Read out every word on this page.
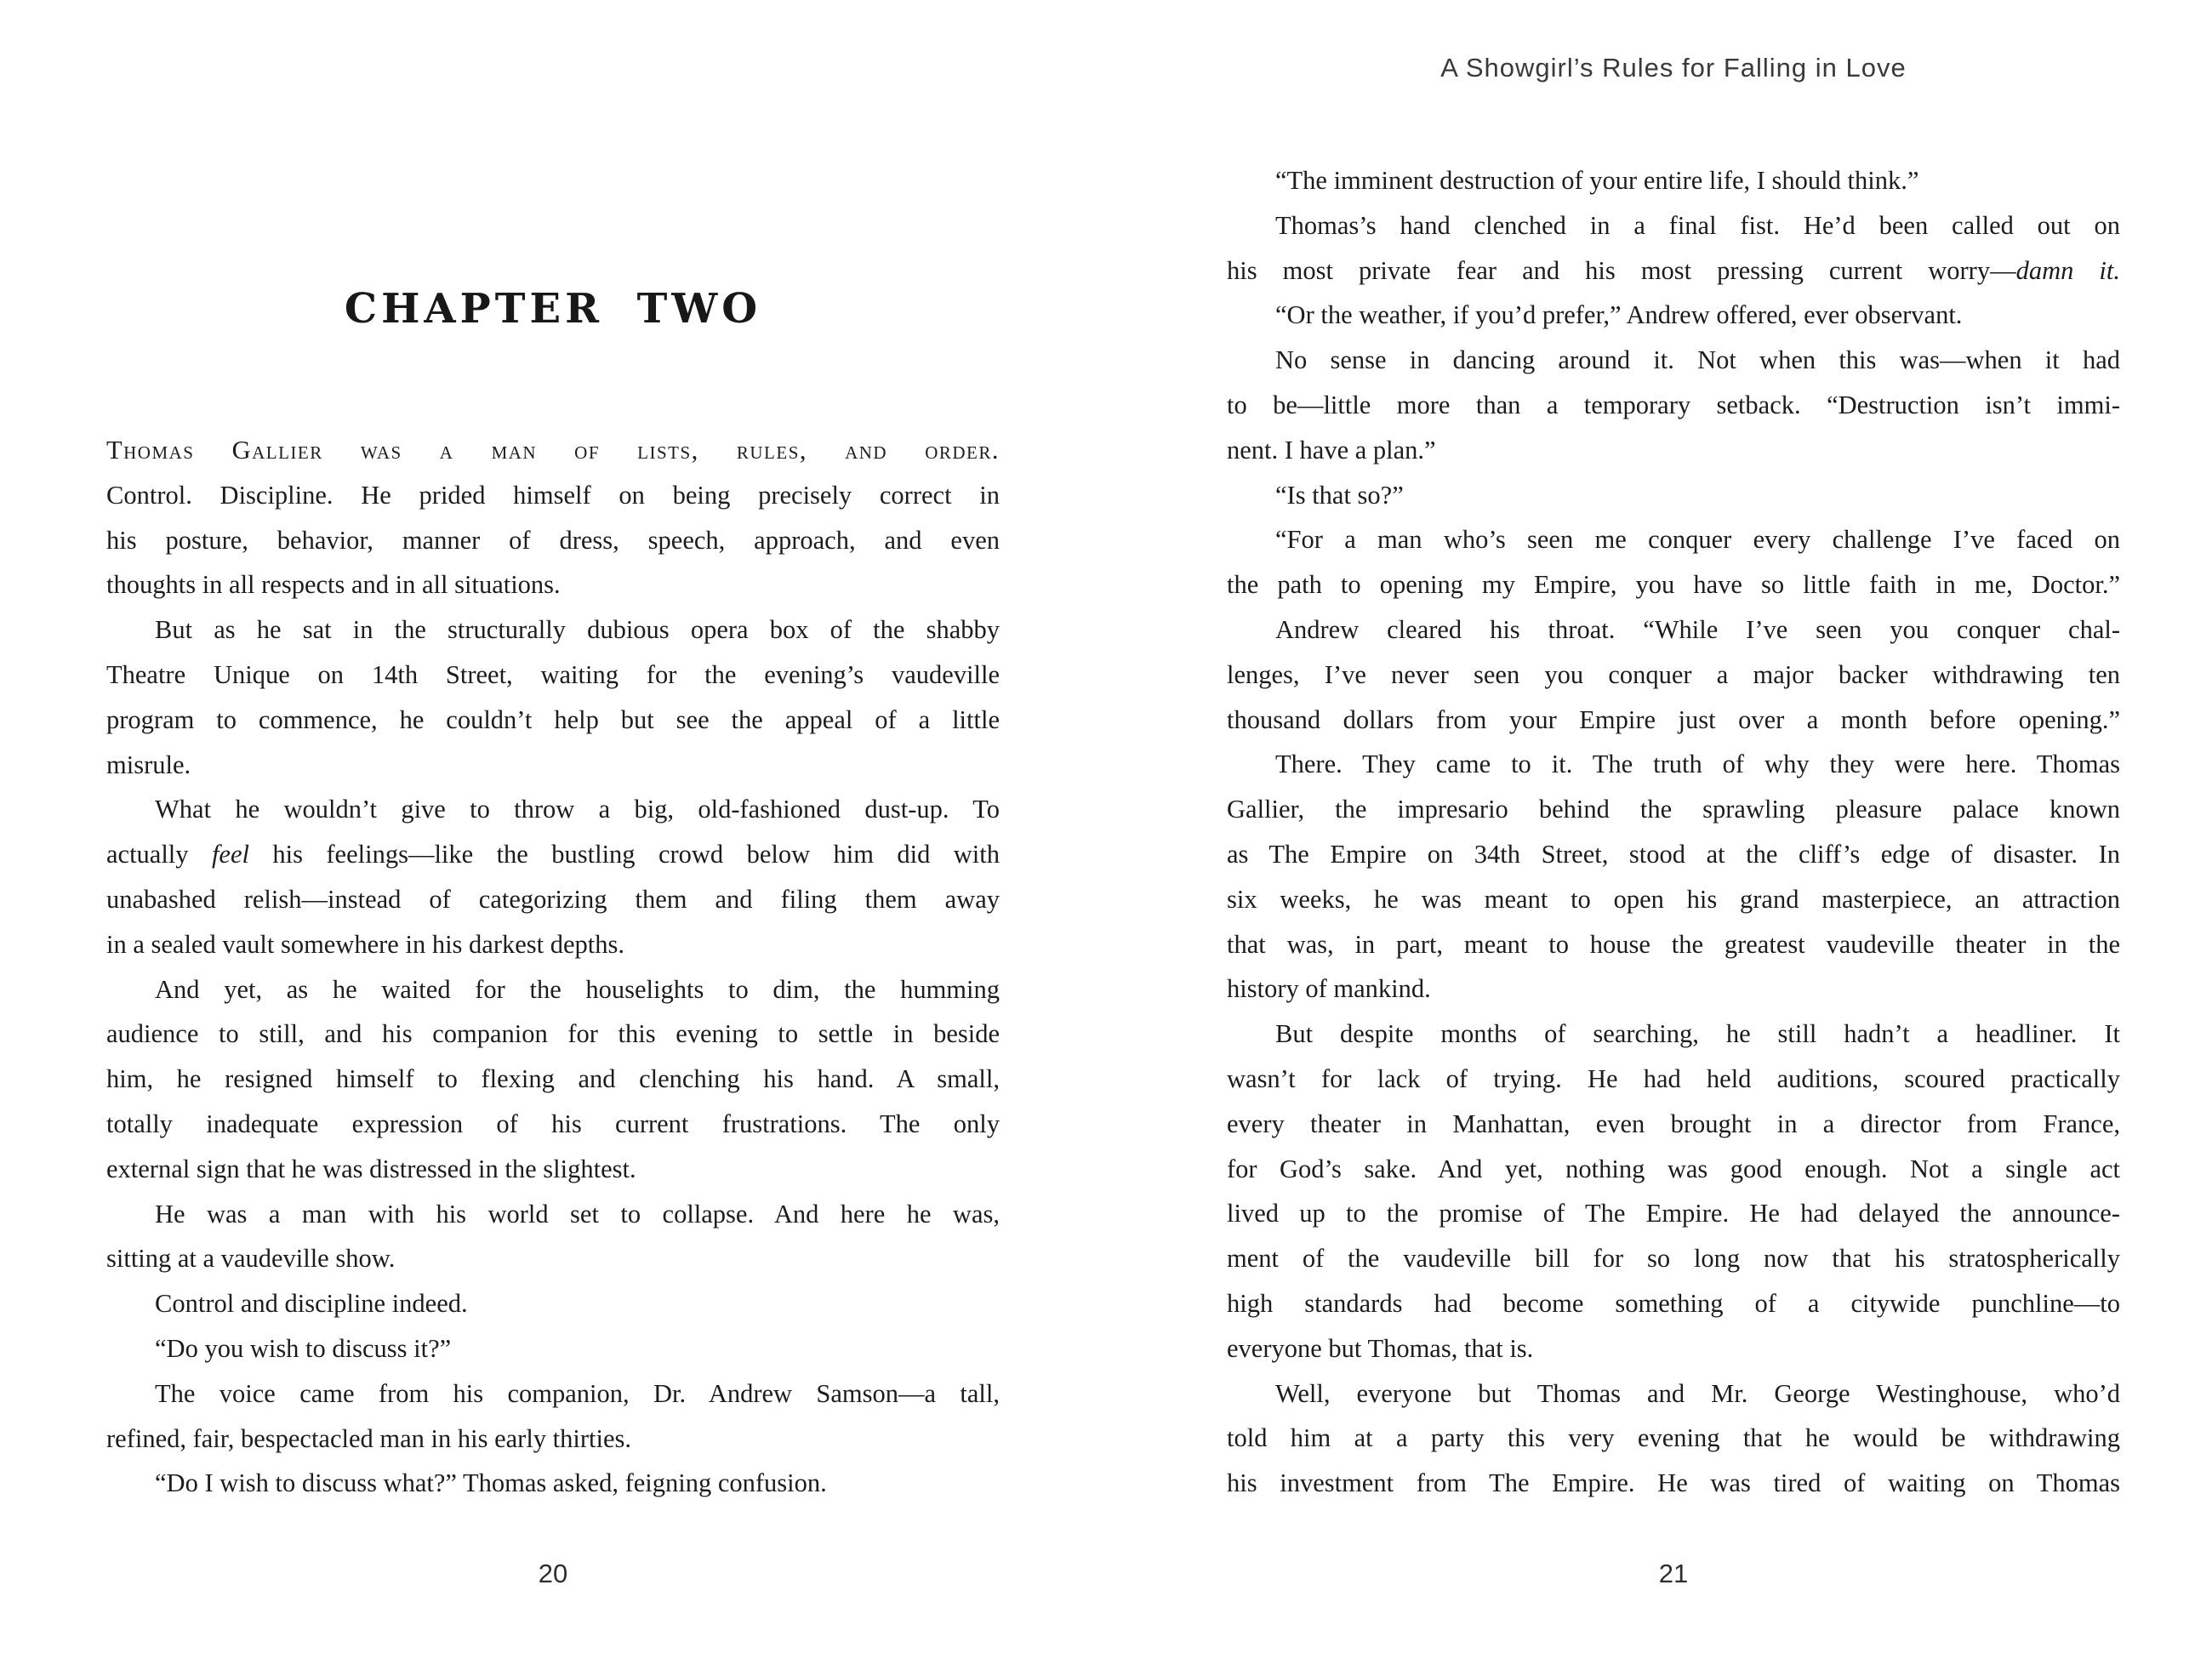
CHAPTER TWO
Thomas Gallier was a man of lists, rules, and order.
Control. Discipline. He prided himself on being precisely correct in
his posture, behavior, manner of dress, speech, approach, and even
thoughts in all respects and in all situations.
But as he sat in the structurally dubious opera box of the shabby
Theatre Unique on 14th Street, waiting for the evening’s vaudeville
program to commence, he couldn’t help but see the appeal of a little
misrule.
What he wouldn’t give to throw a big, old-fashioned dust-up. To
actually feel his feelings—like the bustling crowd below him did with
unabashed relish—instead of categorizing them and filing them away
in a sealed vault somewhere in his darkest depths.
And yet, as he waited for the houselights to dim, the humming
audience to still, and his companion for this evening to settle in beside
him, he resigned himself to flexing and clenching his hand. A small,
totally inadequate expression of his current frustrations. The only
external sign that he was distressed in the slightest.
He was a man with his world set to collapse. And here he was,
sitting at a vaudeville show.
Control and discipline indeed.
“Do you wish to discuss it?”
The voice came from his companion, Dr. Andrew Samson—a tall,
refined, fair, bespectacled man in his early thirties.
“Do I wish to discuss what?” Thomas asked, feigning confusion.
20
A Showgirl’s Rules for Falling in Love
“The imminent destruction of your entire life, I should think.”
Thomas’s hand clenched in a final fist. He’d been called out on
his most private fear and his most pressing current worry—damn it.
“Or the weather, if you’d prefer,” Andrew offered, ever observant.
No sense in dancing around it. Not when this was—when it had
to be—little more than a temporary setback. “Destruction isn’t immi-
nent. I have a plan.”
“Is that so?”
“For a man who’s seen me conquer every challenge I’ve faced on
the path to opening my Empire, you have so little faith in me, Doctor.”
Andrew cleared his throat. “While I’ve seen you conquer chal-
lenges, I’ve never seen you conquer a major backer withdrawing ten
thousand dollars from your Empire just over a month before opening.”
There. They came to it. The truth of why they were here. Thomas
Gallier, the impresario behind the sprawling pleasure palace known
as The Empire on 34th Street, stood at the cliff’s edge of disaster. In
six weeks, he was meant to open his grand masterpiece, an attraction
that was, in part, meant to house the greatest vaudeville theater in the
history of mankind.
But despite months of searching, he still hadn’t a headliner. It
wasn’t for lack of trying. He had held auditions, scoured practically
every theater in Manhattan, even brought in a director from France,
for God’s sake. And yet, nothing was good enough. Not a single act
lived up to the promise of The Empire. He had delayed the announce-
ment of the vaudeville bill for so long now that his stratospherically
high standards had become something of a citywide punchline—to
everyone but Thomas, that is.
Well, everyone but Thomas and Mr. George Westinghouse, who’d
told him at a party this very evening that he would be withdrawing
his investment from The Empire. He was tired of waiting on Thomas
21
